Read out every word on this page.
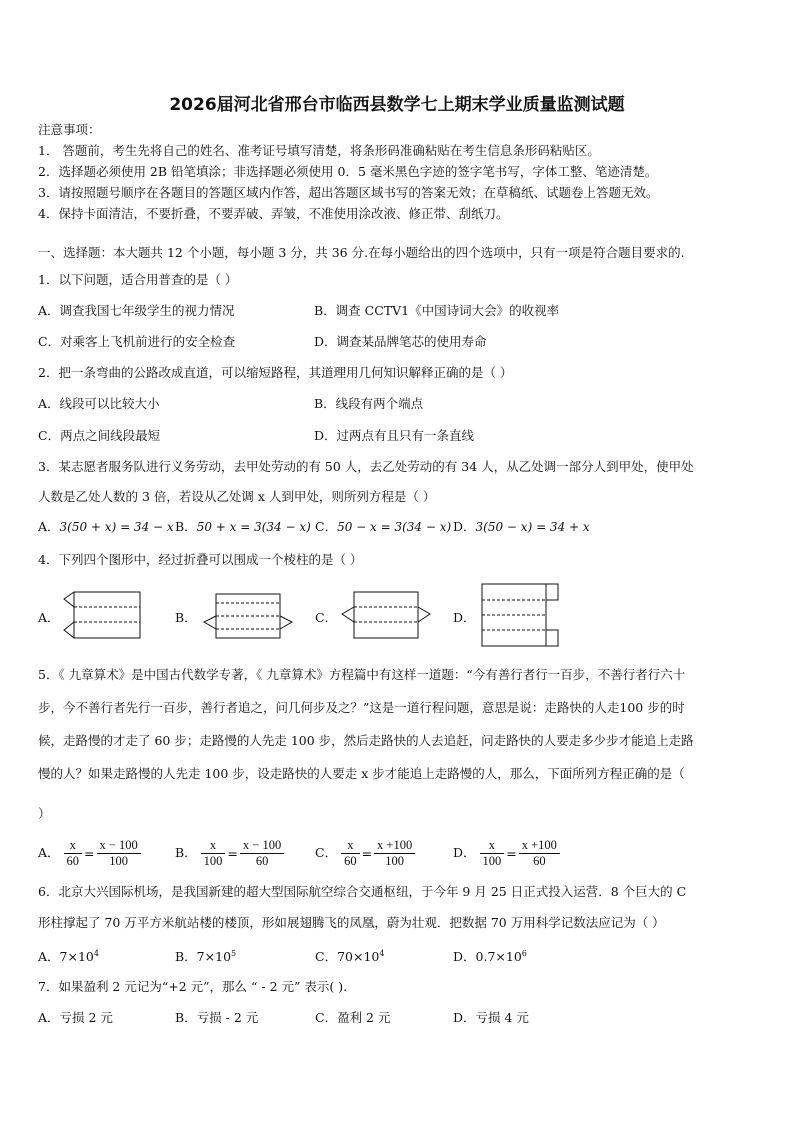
2026届河北省邢台市临西县数学七上期末学业质量监测试题
注意事项：
1． 答题前，考生先将自己的姓名、准考证号填写清楚，将条形码准确粘贴在考生信息条形码粘贴区。
2．选择题必须使用 2B 铅笔填涂；非选择题必须使用 0．5 毫米黑色字迹的签字笔书写，字体工整、笔迹清楚。
3．请按照题号顺序在各题目的答题区域内作答，超出答题区域书写的答案无效；在草稿纸、试题卷上答题无效。
4．保持卡面清洁，不要折叠，不要弄破、弄皱，不准使用涂改液、修正带、刮纸刀。
一、选择题：本大题共 12 个小题，每小题 3 分，共 36 分.在每小题给出的四个选项中，只有一项是符合题目要求的.
1．以下问题，适合用普查的是（ ）
A．调查我国七年级学生的视力情况	B．调查 CCTV1《中国诗词大会》的收视率
C．对乘客上飞机前进行的安全检查	D．调查某品牌笔芯的使用寿命
2．把一条弯曲的公路改成直道，可以缩短路程，其道理用几何知识解释正确的是（ ）
A．线段可以比较大小	B．线段有两个端点
C．两点之间线段最短	D．过两点有且只有一条直线
3．某志愿者服务队进行义务劳动，去甲处劳动的有 50 人，去乙处劳动的有 34 人，从乙处调一部分人到甲处，使甲处
人数是乙处人数的 3 倍，若设从乙处调 x 人到甲处，则所列方程是（ ）
A．3(50 + x) = 34 − x B．50 + x = 3(34 − x) C．50 − x = 3(34 − x) D．3(50 − x) = 34 + x
4．下列四个图形中，经过折叠可以围成一个棱柱的是（ ）
A．	B．	C．	D．
5．《 九章算术》是中国古代数学专著，《 九章算术》方程篇中有这样一道题：“今有善行者行一百步，不善行者行六十
步，今不善行者先行一百步，善行者追之，问几何步及之？”这是一道行程问题，意思是说：走路快的人走100 步的时
候，走路慢的才走了 60 步；走路慢的人先走 100 步，然后走路快的人去追赶，问走路快的人要走多少步才能追上走路
慢的人？如果走路慢的人先走 100 步，设走路快的人要走 x 步才能追上走路慢的人，那么，下面所列方程正确的是（
）
A． $\frac{x}{60} = \frac{x - 100}{100}$	B． $\frac{x}{100} = \frac{x - 100}{60}$ C． $\frac{x}{60} = \frac{x +100}{100}$	D． $\frac{x}{100} = \frac{x +100}{60}$
6．北京大兴国际机场，是我国新建的超大型国际航空综合交通枢纽，于今年 9 月 25 日正式投入运营．8 个巨大的 C
形柱撑起了 70 万平方米航站楼的楼顶，形如展翅腾飞的凤凰，蔚为壮观．把数据 70 万用科学记数法应记为（ ）
A．$7\times 10^4$	B．$7\times 10^5$	C．$70\times 10^4$	D．$0.7\times 10^6$
7．如果盈利 2 元记为“+2 元”，那么 “ - 2 元” 表示( ).
A．亏损 2 元	B．亏损 - 2 元	C．盈利 2 元	D．亏损 4 元
